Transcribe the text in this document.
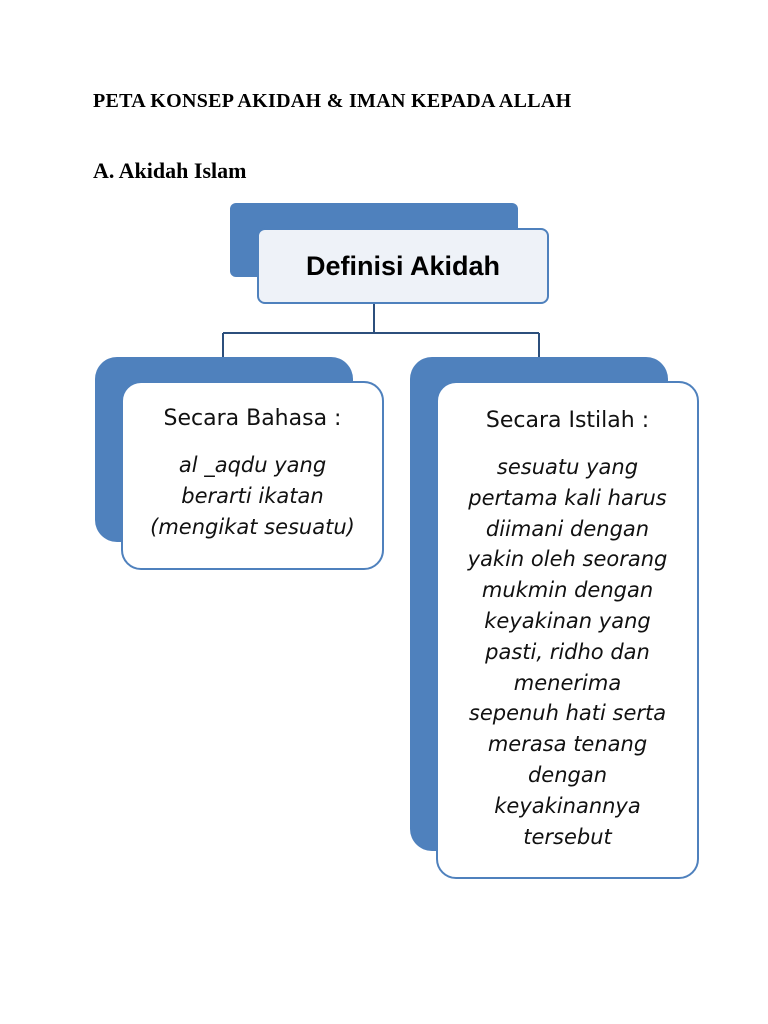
PETA KONSEP AKIDAH & IMAN KEPADA ALLAH
A. Akidah Islam
Definisi Akidah
Secara Bahasa :
al _aqdu yang
berarti ikatan
(mengikat sesuatu)
Secara Istilah :
sesuatu yang
pertama kali harus
diimani dengan
yakin oleh seorang
mukmin dengan
keyakinan yang
pasti, ridho dan
menerima
sepenuh hati serta
merasa tenang
dengan
keyakinannya
tersebut
